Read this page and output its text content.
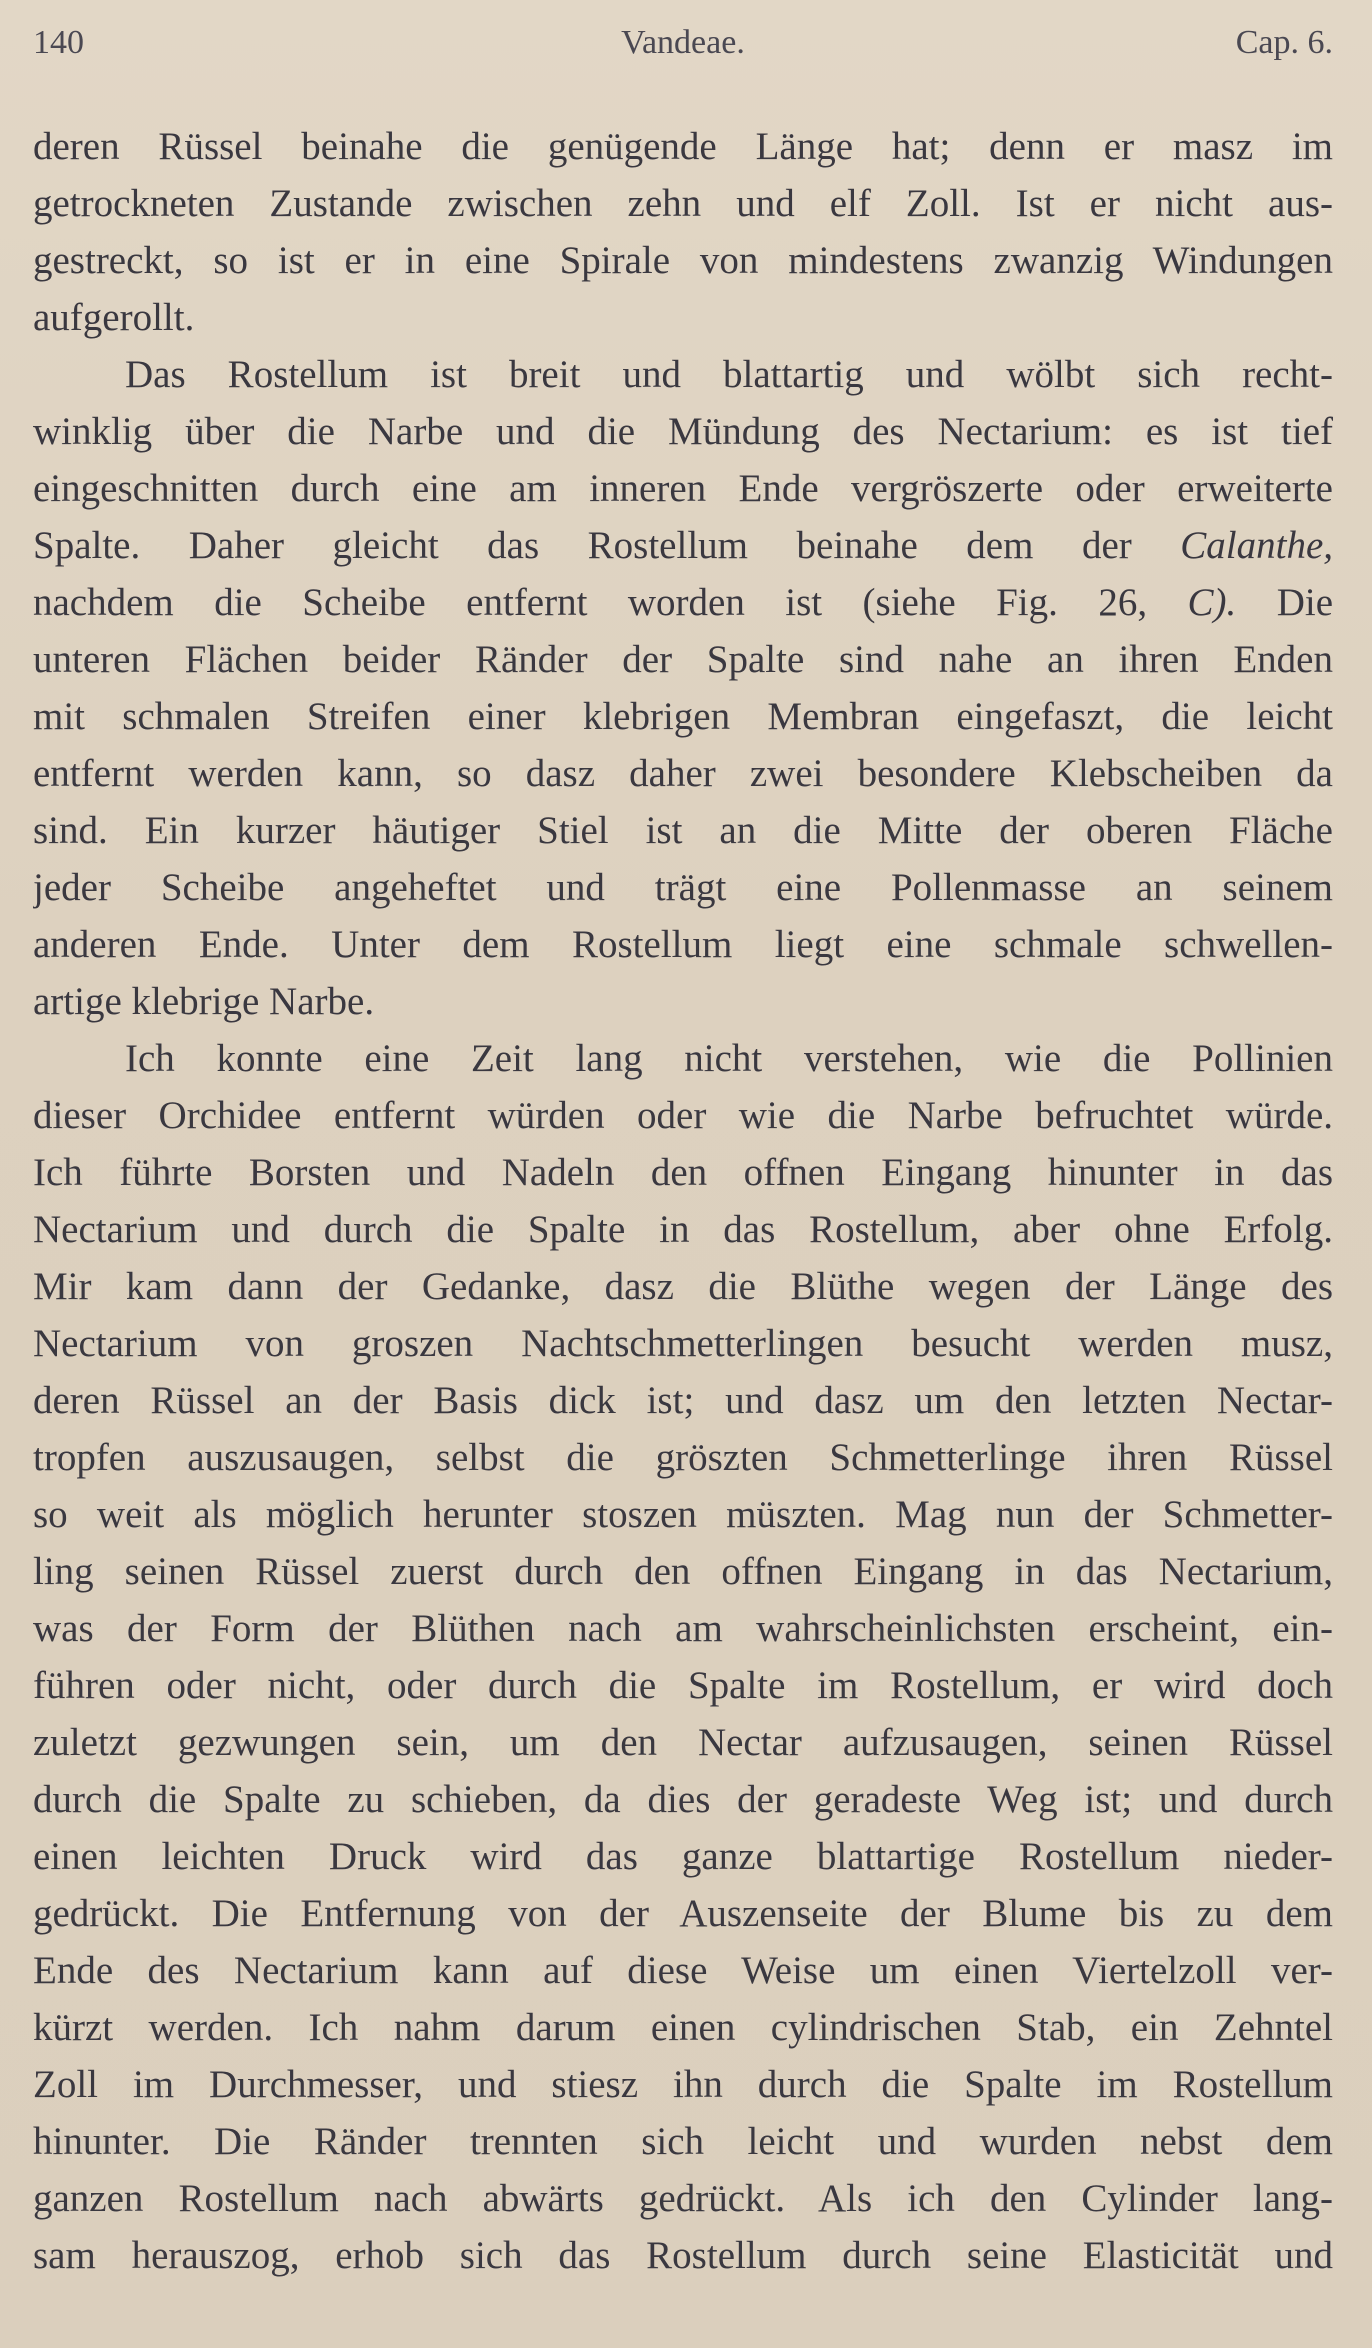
140	Vandeae.	Cap. 6.
deren Rüssel beinahe die genügende Länge hat; denn er masz im
getrockneten Zustande zwischen zehn und elf Zoll. Ist er nicht aus-
gestreckt, so ist er in eine Spirale von mindestens zwanzig Windungen
aufgerollt.
Das Rostellum ist breit und blattartig und wölbt sich recht-
winklig über die Narbe und die Mündung des Nectarium: es ist tief
eingeschnitten durch eine am inneren Ende vergröszerte oder erweiterte
Spalte. Daher gleicht das Rostellum beinahe dem der Calanthe,
nachdem die Scheibe entfernt worden ist (siehe Fig. 26, C). Die
unteren Flächen beider Ränder der Spalte sind nahe an ihren Enden
mit schmalen Streifen einer klebrigen Membran eingefaszt, die leicht
entfernt werden kann, so dasz daher zwei besondere Klebscheiben da
sind. Ein kurzer häutiger Stiel ist an die Mitte der oberen Fläche
jeder Scheibe angeheftet und trägt eine Pollenmasse an seinem
anderen Ende. Unter dem Rostellum liegt eine schmale schwellen-
artige klebrige Narbe.
Ich konnte eine Zeit lang nicht verstehen, wie die Pollinien
dieser Orchidee entfernt würden oder wie die Narbe befruchtet würde.
Ich führte Borsten und Nadeln den offnen Eingang hinunter in das
Nectarium und durch die Spalte in das Rostellum, aber ohne Erfolg.
Mir kam dann der Gedanke, dasz die Blüthe wegen der Länge des
Nectarium von groszen Nachtschmetterlingen besucht werden musz,
deren Rüssel an der Basis dick ist; und dasz um den letzten Nectar-
tropfen auszusaugen, selbst die gröszten Schmetterlinge ihren Rüssel
so weit als möglich herunter stoszen müszten. Mag nun der Schmetter-
ling seinen Rüssel zuerst durch den offnen Eingang in das Nectarium,
was der Form der Blüthen nach am wahrscheinlichsten erscheint, ein-
führen oder nicht, oder durch die Spalte im Rostellum, er wird doch
zuletzt gezwungen sein, um den Nectar aufzusaugen, seinen Rüssel
durch die Spalte zu schieben, da dies der geradeste Weg ist; und durch
einen leichten Druck wird das ganze blattartige Rostellum nieder-
gedrückt. Die Entfernung von der Auszenseite der Blume bis zu dem
Ende des Nectarium kann auf diese Weise um einen Viertelzoll ver-
kürzt werden. Ich nahm darum einen cylindrischen Stab, ein Zehntel
Zoll im Durchmesser, und stiesz ihn durch die Spalte im Rostellum
hinunter. Die Ränder trennten sich leicht und wurden nebst dem
ganzen Rostellum nach abwärts gedrückt. Als ich den Cylinder lang-
sam herauszog, erhob sich das Rostellum durch seine Elasticität und
